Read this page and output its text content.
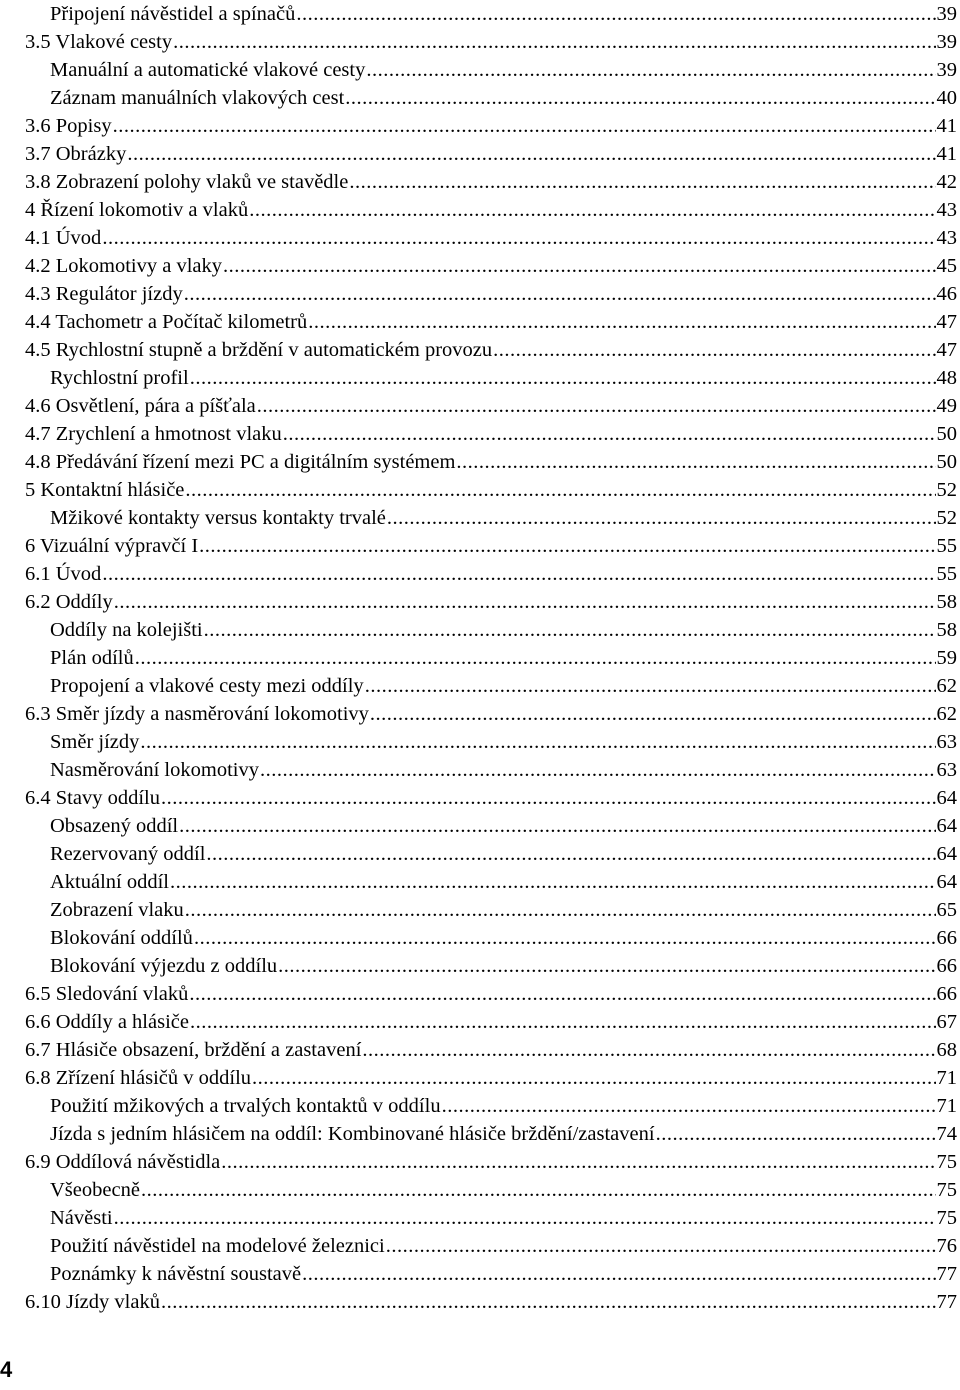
Připojení návěstidel a spínačů .....	39
3.5 Vlakové cesty .....	39
Manuální a automatické vlakové cesty .....	39
Záznam manuálních vlakových cest .....	40
3.6 Popisy .....	41
3.7 Obrázky .....	41
3.8 Zobrazení polohy vlaků ve stavědle .....	42
4 Řízení lokomotiv a vlaků .....	43
4.1 Úvod .....	43
4.2 Lokomotivy a vlaky .....	45
4.3 Regulátor jízdy .....	46
4.4 Tachometr a Počítač kilometrů .....	47
4.5 Rychlostní stupně a brždění v automatickém provozu .....	47
Rychlostní profil .....	48
4.6 Osvětlení, pára a píšťala .....	49
4.7 Zrychlení a hmotnost vlaku .....	50
4.8 Předávání řízení mezi PC a digitálním systémem .....	50
5 Kontaktní hlásiče .....	52
Mžikové kontakty versus kontakty trvalé .....	52
6 Vizuální výpravčí I .....	55
6.1 Úvod .....	55
6.2 Oddíly .....	58
Oddíly na kolejišti .....	58
Plán odílů .....	59
Propojení a vlakové cesty mezi oddíly .....	62
6.3 Směr jízdy a nasměrování lokomotivy .....	62
Směr jízdy .....	63
Nasměrování lokomotivy .....	63
6.4 Stavy oddílu .....	64
Obsazený oddíl .....	64
Rezervovaný oddíl .....	64
Aktuální oddíl .....	64
Zobrazení vlaku .....	65
Blokování oddílů .....	66
Blokování výjezdu z oddílu .....	66
6.5 Sledování vlaků .....	66
6.6 Oddíly a hlásiče .....	67
6.7 Hlásiče obsazení, brždění a zastavení .....	68
6.8 Zřízení hlásičů v oddílu .....	71
Použití mžikových a trvalých kontaktů v oddílu .....	71
Jízda s jedním hlásičem na oddíl: Kombinované hlásiče brždění/zastavení .....	74
6.9 Oddílová návěstidla .....	75
Všeobecně .....	75
Návěsti .....	75
Použití návěstidel na modelové železnici .....	76
Poznámky k návěstní soustavě .....	77
6.10 Jízdy vlaků .....	77
4
